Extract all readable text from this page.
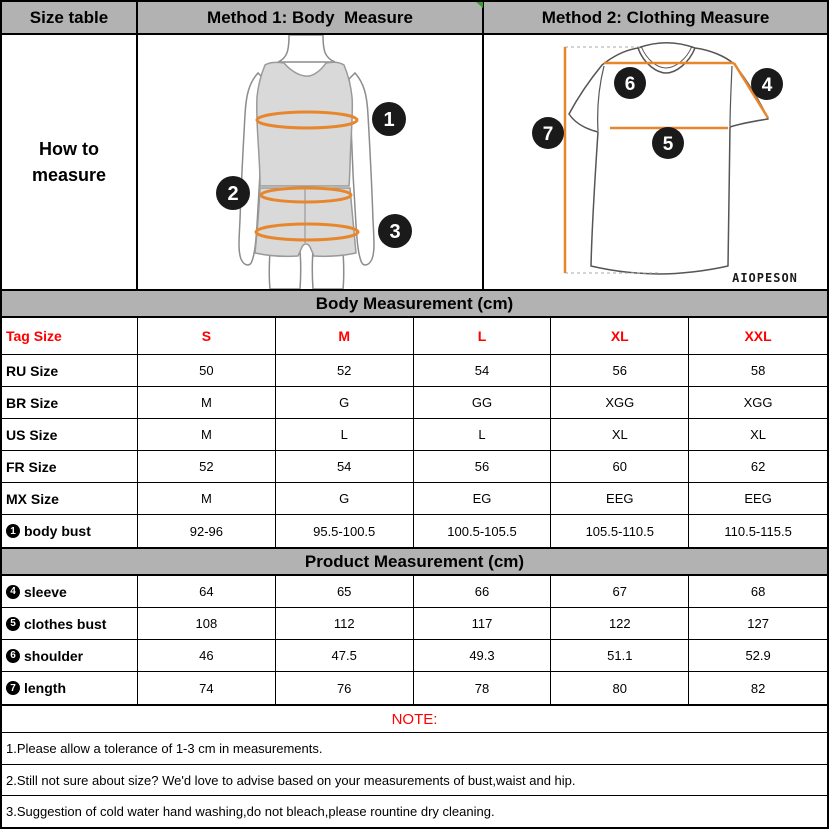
Size table	Method 1: Body  Measure	Method 2: Clothing Measure
How to measure
1
2
3
6	4
7	5
AIOPESON
Body Measurement (cm)
Tag Size	S	M	L	XL	XXL
RU Size	50	52	54	56	58
BR Size	M	G	GG	XGG	XGG
US Size	M	L	L	XL	XL
FR Size	52	54	56	60	62
MX Size	M	G	EG	EEG	EEG
1 body bust	92-96	95.5-100.5	100.5-105.5	105.5-110.5	110.5-115.5
Product Measurement (cm)
4 sleeve	64	65	66	67	68
5 clothes bust	108	112	117	122	127
6 shoulder	46	47.5	49.3	51.1	52.9
7 length	74	76	78	80	82
NOTE:
1.Please allow a tolerance of 1-3 cm in measurements.
2.Still not sure about size? We'd love to advise based on your measurements of bust,waist and hip.
3.Suggestion of cold water hand washing,do not bleach,please rountine dry cleaning.
